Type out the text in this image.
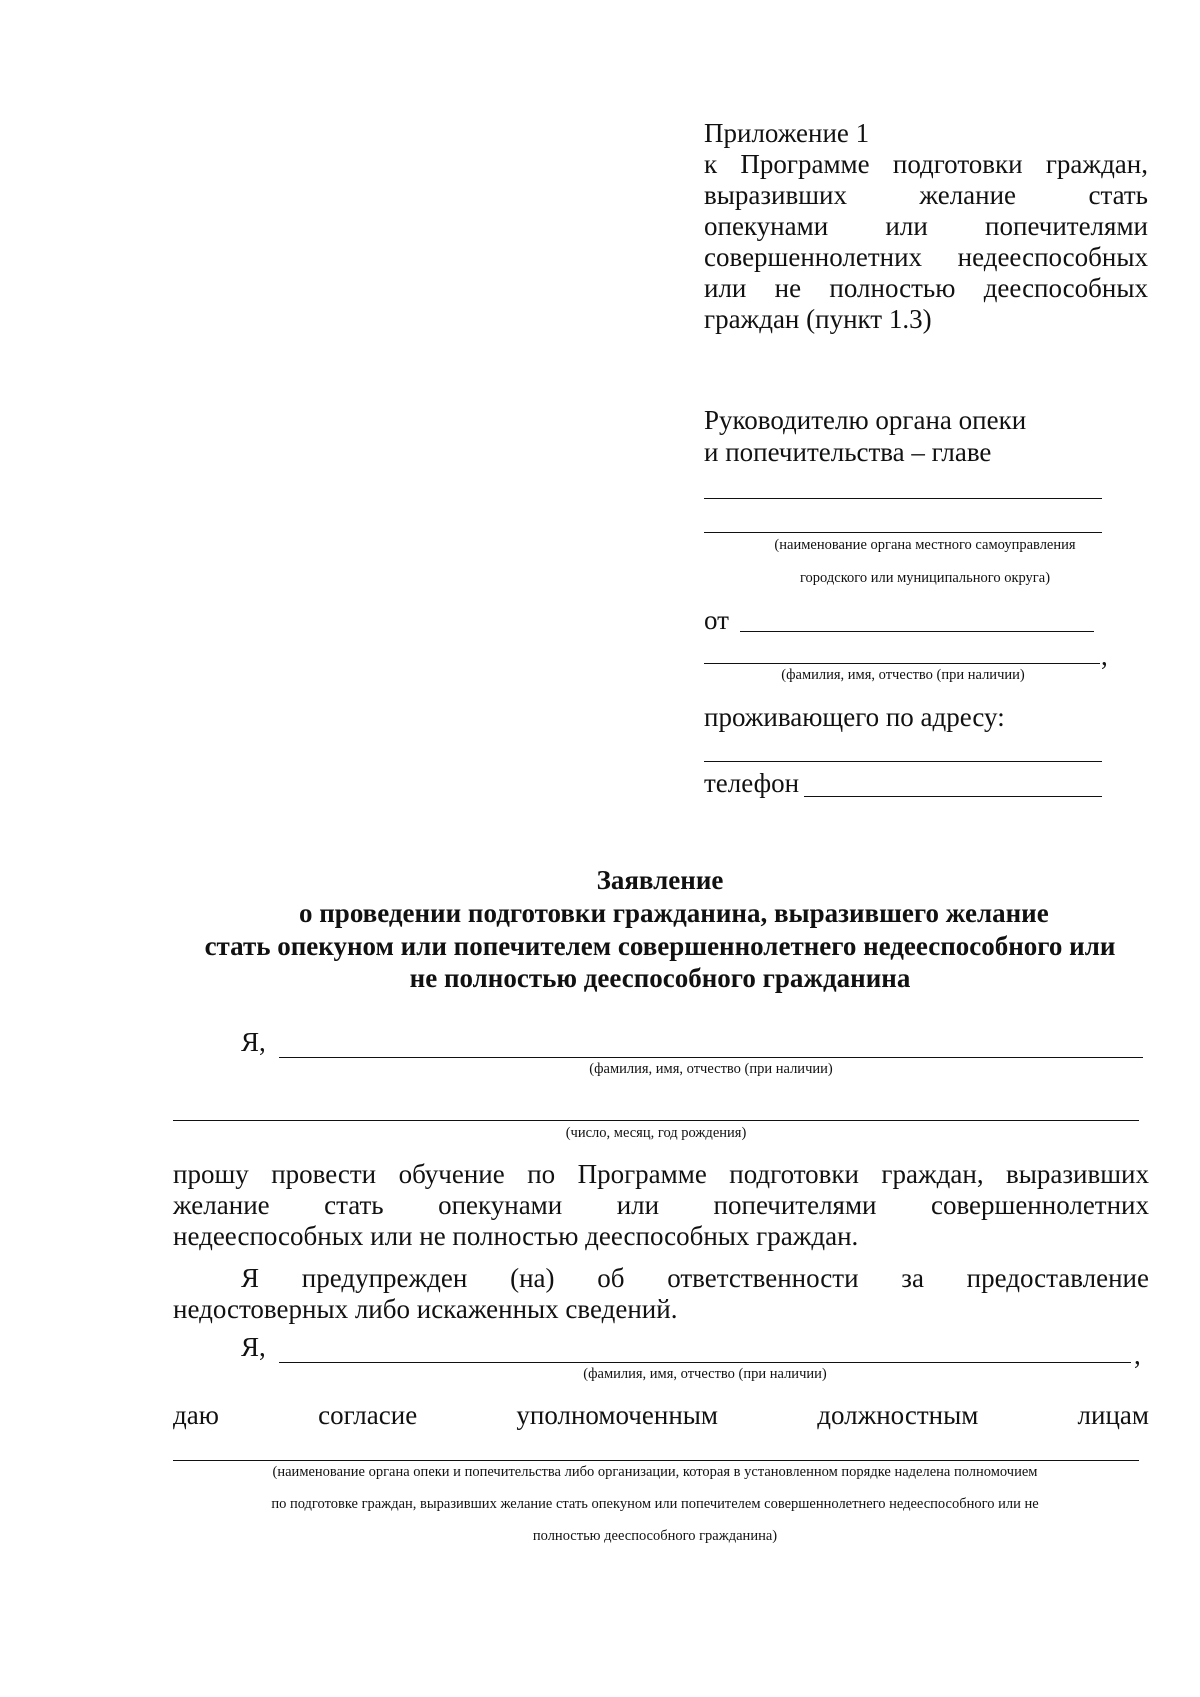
Приложение 1
к Программе подготовки граждан,
выразивших желание стать
опекунами или попечителями
совершеннолетних недееспособных
или не полностью дееспособных
граждан (пункт 1.3)
Руководителю органа опеки
и попечительства – главе
(наименование органа местного самоуправления
городского или муниципального округа)
от
,
(фамилия, имя, отчество (при наличии)
проживающего по адресу:
телефон
Заявление
о проведении подготовки гражданина, выразившего желание
стать опекуном или попечителем совершеннолетнего недееспособного или
не полностью дееспособного гражданина
Я,
(фамилия, имя, отчество (при наличии)
(число, месяц, год рождения)
прошу провести обучение по Программе подготовки граждан, выразивших
желание стать опекунами или попечителями совершеннолетних
недееспособных или не полностью дееспособных граждан.
Я предупрежден (на) об ответственности за предоставление
недостоверных либо искаженных сведений.
Я,	,
(фамилия, имя, отчество (при наличии)
даю согласие уполномоченным должностным лицам
(наименование органа опеки и попечительства либо организации, которая в установленном порядке наделена полномочием
по подготовке граждан, выразивших желание стать опекуном или попечителем совершеннолетнего недееспособного или не
полностью дееспособного гражданина)
